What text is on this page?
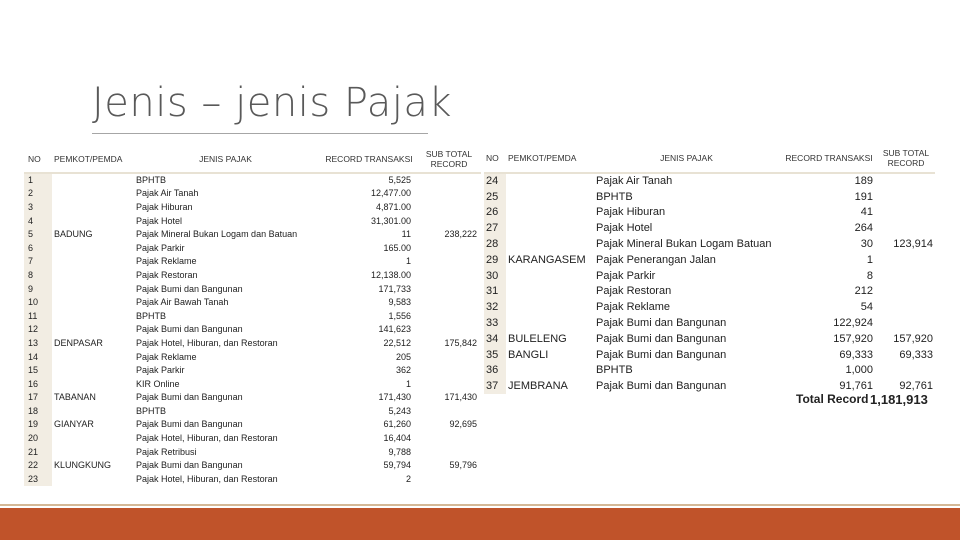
Jenis – jenis Pajak
NO	PEMKOT/PEMDA	JENIS PAJAK	RECORD TRANSAKSI	SUB TOTAL
RECORD

1		BPHTB	5,525	
2		Pajak Air Tanah	12,477.00	
3		Pajak Hiburan	4,871.00	
4		Pajak Hotel	31,301.00	
5	BADUNG	Pajak Mineral Bukan Logam dan Batuan	11	238,222
6		Pajak Parkir	165.00	
7		Pajak Reklame	1	
8		Pajak Restoran	12,138.00	
9		Pajak Bumi dan Bangunan	171,733	
10		Pajak Air Bawah Tanah	9,583	
11		BPHTB	1,556	
12		Pajak Bumi dan Bangunan	141,623	
13	DENPASAR	Pajak Hotel, Hiburan, dan Restoran	22,512	175,842
14		Pajak Reklame	205	
15		Pajak Parkir	362	
16		KIR Online	1	
17	TABANAN	Pajak Bumi dan Bangunan	171,430	171,430
18		BPHTB	5,243	
19	GIANYAR	Pajak Bumi dan Bangunan	61,260	92,695
20		Pajak Hotel, Hiburan, dan Restoran	16,404	
21		Pajak Retribusi	9,788	
22	KLUNGKUNG	Pajak Bumi dan Bangunan	59,794	59,796
23		Pajak Hotel, Hiburan, dan Restoran	2	
NO	PEMKOT/PEMDA	JENIS PAJAK	RECORD TRANSAKSI	SUB TOTAL
RECORD

24		Pajak Air Tanah	189	
25		BPHTB	191	
26		Pajak Hiburan	41	
27		Pajak Hotel	264	
28		Pajak Mineral Bukan Logam Batuan	30	123,914
29	KARANGASEM	Pajak Penerangan Jalan	1	
30		Pajak Parkir	8	
31		Pajak Restoran	212	
32		Pajak Reklame	54	
33		Pajak Bumi dan Bangunan	122,924	
34	BULELENG	Pajak Bumi dan Bangunan	157,920	157,920
35	BANGLI	Pajak Bumi dan Bangunan	69,333	69,333
36		BPHTB	1,000	
37	JEMBRANA	Pajak Bumi dan Bangunan	91,761	92,761
Total Record 1,181,913
